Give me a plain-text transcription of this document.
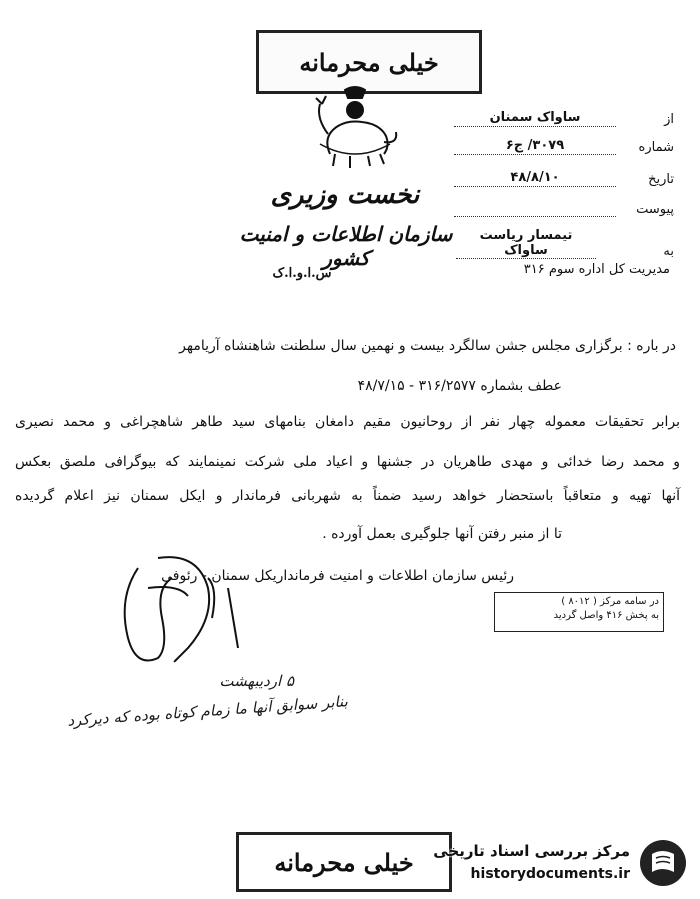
خیلی
محرمانه
نخست وزیری
سازمان اطلاعات و امنیت کشور
س.ا.و.ا.ک
از
ساواک سمنان
شماره
۳۰۷۹/ ج۶
تاریخ
۴۸/۸/۱۰
پیوست
به
تیمسار ریاست ساواک
مدیریت کل اداره سوم ۳۱۶
در باره : برگزاری مجلس جشن سالگرد بیست و نهمین سال سلطنت شاهنشاه آریامهر
عطف بشماره ۳۱۶/۲۵۷۷ - ۴۸/۷/۱۵
برابر تحقیقات معموله چهار نفر از روحانیون مقیم دامغان بنامهای سید طاهر شاهچراغی و محمد نصیری
و محمد رضا خدائی و مهدی طاهریان در جشنها و اعیاد ملی شرکت نمینمایند که بیوگرافی ملصق بعکس
آنها تهیه و متعاقباً باستحضار خواهد رسید ضمناً به شهربانی فرماندار و ایکل سمنان نیز اعلام گردیده
تا از منبر رفتن آنها جلوگیری بعمل آورده .
رئیس سازمان اطلاعات و امنیت فرمانداریکل سمنان - رئوفی
در سامه مرکز ( ۸۰۱۲ )
به پخش ۴۱۶ واصل گردید
۵ اردیبهشت
بنابر سوابق آنها ما زمام کوتاه بوده که دیرکرد
خیلی
محرمانه	مرکز بررسی اسناد تاریخی
historydocuments.ir
